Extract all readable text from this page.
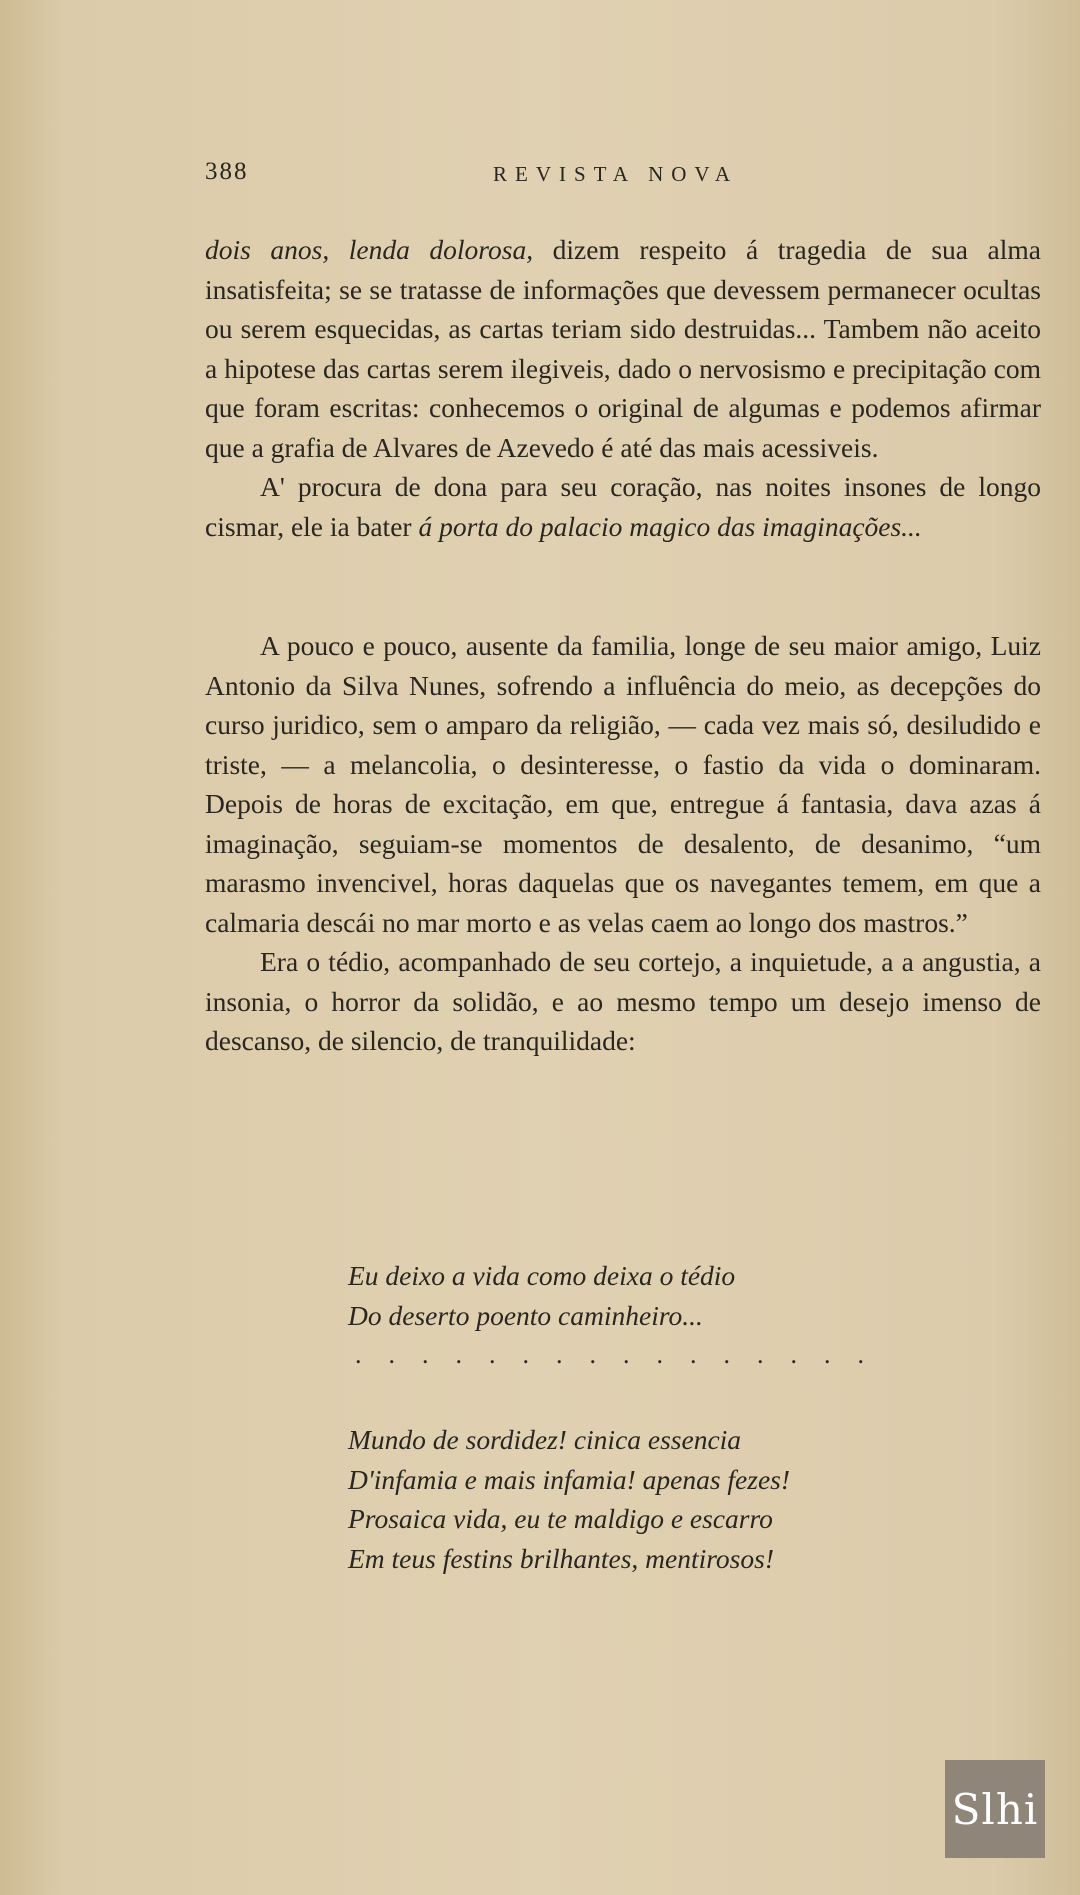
388	REVISTA NOVA

dois anos, lenda dolorosa, dizem respeito á tragedia de sua alma insatisfeita; se se tratasse de informações que devessem permanecer ocultas ou serem esquecidas, as cartas teriam sido destruidas... Tambem não aceito a hipotese das cartas serem ilegiveis, dado o nervosismo e precipitação com que foram escritas: conhecemos o original de algumas e podemos afirmar que a grafia de Alvares de Azevedo é até das mais acessiveis.

A' procura de dona para seu coração, nas noites insones de longo cismar, ele ia bater á porta do palacio magico das imaginações...

A pouco e pouco, ausente da familia, longe de seu maior amigo, Luiz Antonio da Silva Nunes, sofrendo a influência do meio, as decepções do curso juridico, sem o amparo da religião, — cada vez mais só, desiludido e triste, — a melancolia, o desinteresse, o fastio da vida o dominaram. Depois de horas de excitação, em que, entregue á fantasia, dava azas á imaginação, seguiam-se momentos de desalento, de desanimo, “um marasmo invencivel, horas daquelas que os navegantes temem, em que a calmaria descái no mar morto e as velas caem ao longo dos mastros.”

Era o tédio, acompanhado de seu cortejo, a inquietude, a a angustia, a insonia, o horror da solidão, e ao mesmo tempo um desejo imenso de descanso, de silencio, de tranquilidade:

Eu deixo a vida como deixa o tédio
Do deserto poento caminheiro...
................
Mundo de sordidez! cinica essencia
D'infamia e mais infamia! apenas fezes!
Prosaica vida, eu te maldigo e escarro
Em teus festins brilhantes, mentirosos!
Slhi
